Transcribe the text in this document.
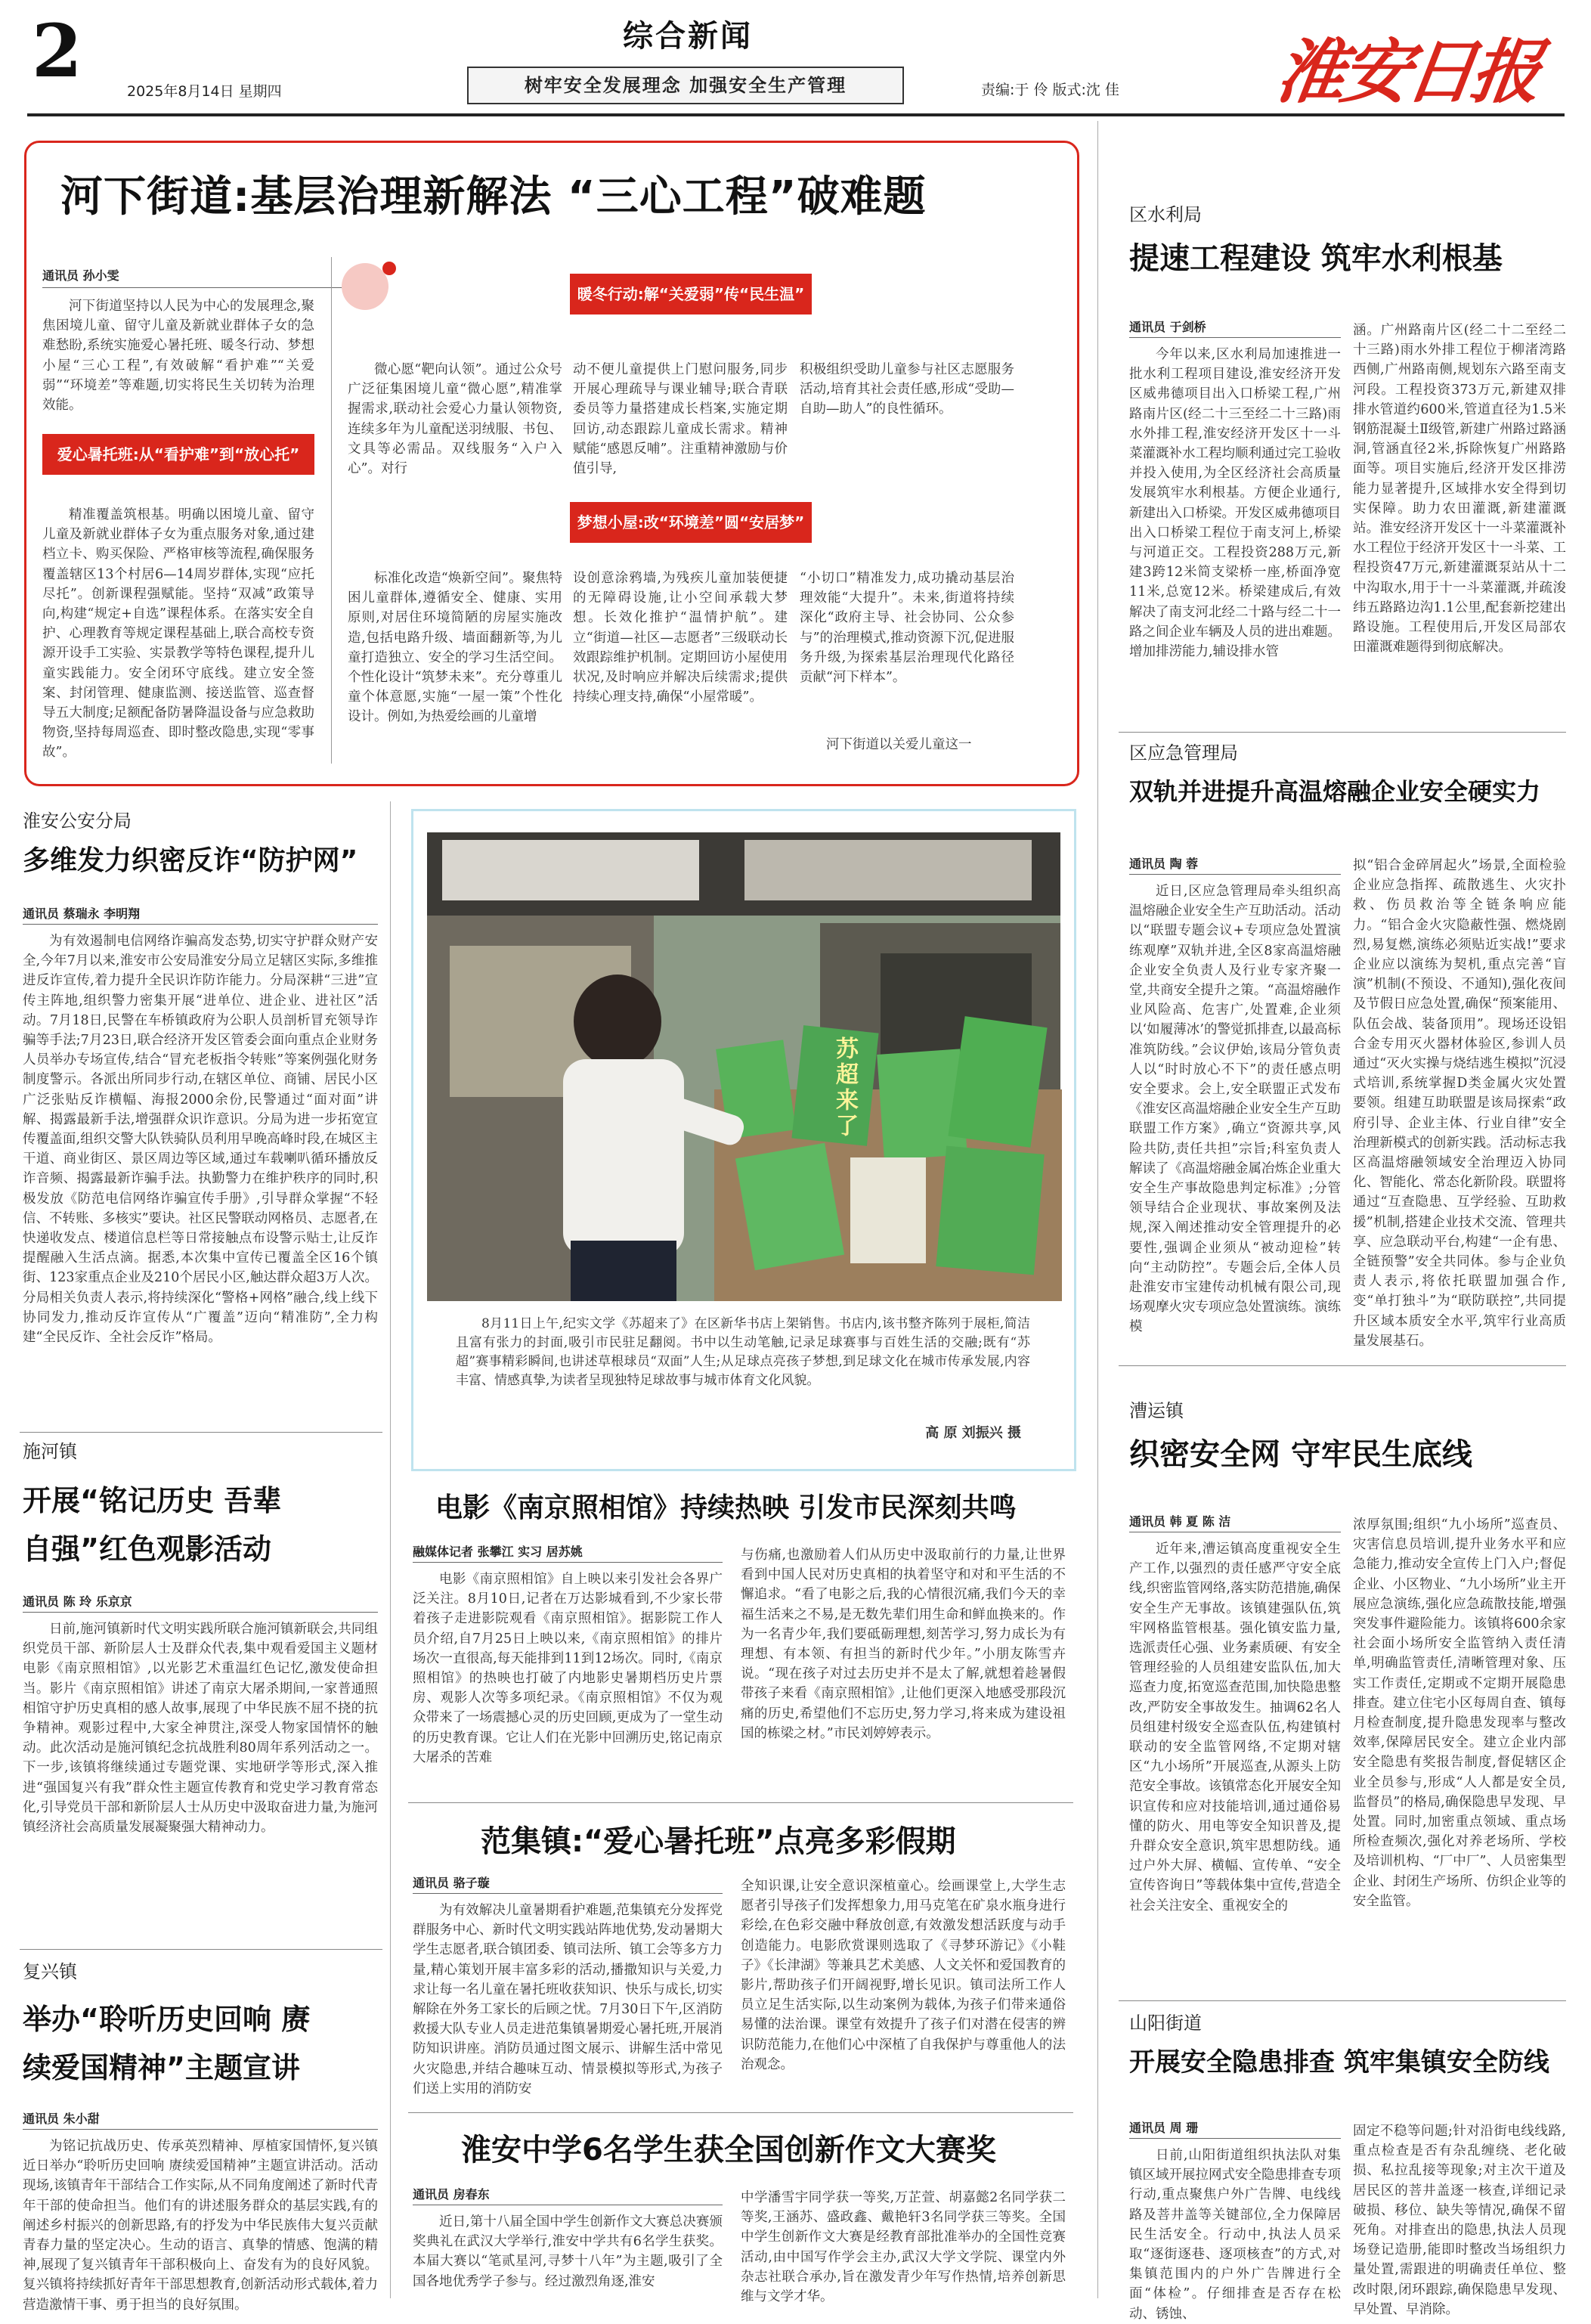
2	综合新闻
2025年8月14日 星期四	树牢安全发展理念 加强安全生产管理	责编:于 伶 版式:沈 佳 淮安日报
河下街道:基层治理新解法 “三心工程”破难题
通讯员 孙小雯
河下街道坚持以人民为中心的发展理念,聚焦困境儿童、留守儿童及新就业群体子女的急难愁盼,系统实施爱心暑托班、暖冬行动、梦想小屋“三心工程”,有效破解“看护难”“关爱弱”“环境差”等难题,切实将民生关切转为治理效能。
爱心暑托班:从“看护难”到“放心托”
精准覆盖筑根基。明确以困境儿童、留守儿童及新就业群体子女为重点服务对象,通过建档立卡、购买保险、严格审核等流程,确保服务覆盖辖区13个村居6—14周岁群体,实现“应托尽托”。创新课程强赋能。坚持“双减”政策导向,构建“规定+自选”课程体系。在落实安全自护、心理教育等规定课程基础上,联合高校专资源开设手工实验、实景教学等特色课程,提升儿童实践能力。安全闭环守底线。建立安全签案、封闭管理、健康监测、接送监管、巡查督导五大制度;足额配备防暑降温设备与应急救助物资,坚持每周巡查、即时整改隐患,实现“零事故”。
暖冬行动:解“关爱弱”传“民生温”
微心愿“靶向认领”。通过公众号广泛征集困境儿童“微心愿”,精准掌握需求,联动社会爱心力量认领物资,连续多年为儿童配送羽绒服、书包、文具等必需品。双线服务“入户入心”。对行
动不便儿童提供上门慰问服务,同步开展心理疏导与课业辅导;联合青联委员等力量搭建成长档案,实施定期回访,动态跟踪儿童成长需求。精神赋能“感恩反哺”。注重精神激励与价值引导,
积极组织受助儿童参与社区志愿服务活动,培育其社会责任感,形成“受助—自助—助人”的良性循环。
梦想小屋:改“环境差”圆“安居梦”
标准化改造“焕新空间”。聚焦特困儿童群体,遵循安全、健康、实用原则,对居住环境简陋的房屋实施改造,包括电路升级、墙面翻新等,为儿童打造独立、安全的学习生活空间。个性化设计“筑梦未来”。充分尊重儿童个体意愿,实施“一屋一策”个性化设计。例如,为热爱绘画的儿童增
设创意涂鸦墙,为残疾儿童加装便捷的无障碍设施,让小空间承载大梦想。长效化推护“温情护航”。建立“街道—社区—志愿者”三级联动长效跟踪维护机制。定期回访小屋使用状况,及时响应并解决后续需求;提供持续心理支持,确保“小屋常暖”。
“小切口”精准发力,成功撬动基层治理效能“大提升”。未来,街道将持续深化“政府主导、社会协同、公众参与”的治理模式,推动资源下沉,促进服务升级,为探索基层治理现代化路径贡献“河下样本”。
河下街道以关爱儿童这一
区水利局
提速工程建设 筑牢水利根基
通讯员 于剑桥
今年以来,区水利局加速推进一批水利工程项目建设,淮安经济开发区威弗德项目出入口桥梁工程,广州路南片区(经二十三至经二十三路)雨水外排工程,淮安经济开发区十一斗菜灌溉补水工程均顺利通过完工验收并投入使用,为全区经济社会高质量发展筑牢水利根基。方便企业通行,新建出入口桥梁。开发区威弗德项目出入口桥梁工程位于南支河上,桥梁与河道正交。工程投资288万元,新建3跨12米简支梁桥一座,桥面净宽11米,总宽12米。桥梁建成后,有效解决了南支河北经二十路与经二十一路之间企业车辆及人员的进出难题。增加排涝能力,辅设排水管
涵。广州路南片区(经二十二至经二十三路)雨水外排工程位于柳渚湾路西侧,广州路南侧,规划东六路至南支河段。工程投资373万元,新建双排排水管道约600米,管道直径为1.5米钢筋混凝土Ⅱ级管,新建广州路过路涵洞,管涵直径2米,拆除恢复广州路路面等。项目实施后,经济开发区排涝能力显著提升,区域排水安全得到切实保障。助力农田灌溉,新建灌溉站。淮安经济开发区十一斗菜灌溉补水工程位于经济开发区十一斗菜、工程投资47万元,新建灌溉泵站从十二中沟取水,用于十一斗菜灌溉,并疏浚纬五路路边沟1.1公里,配套新挖建出路设施。工程使用后,开发区局部农田灌溉难题得到彻底解决。
区应急管理局
双轨并进提升高温熔融企业安全硬实力
通讯员 陶 蓉
近日,区应急管理局牵头组织高温熔融企业安全生产互助活动。活动以“联盟专题会议+专项应急处置演练观摩”双轨并进,全区8家高温熔融企业安全负责人及行业专家齐聚一堂,共商安全提升之策。“高温熔融作业风险高、危害广,处置难,企业须以‘如履薄冰’的警觉抓排查,以最高标准筑防线。”会议伊始,该局分管负责人以“时时放心不下”的责任感点明安全要求。会上,安全联盟正式发布《淮安区高温熔融企业安全生产互助联盟工作方案》,确立“资源共享,风险共防,责任共担”宗旨;科室负责人解读了《高温熔融金属冶炼企业重大安全生产事故隐患判定标准》;分管领导结合企业现状、事故案例及法规,深入阐述推动安全管理提升的必要性,强调企业须从“被动迎检”转向“主动防控”。专题会后,全体人员赴淮安市宝建传动机械有限公司,现场观摩火灾专项应急处置演练。演练模
拟“铝合金碎屑起火”场景,全面检验企业应急指挥、疏散逃生、火灾扑救、伤员救治等全链条响应能力。“铝合金火灾隐蔽性强、燃烧剧烈,易复燃,演练必须贴近实战!”要求企业应以演练为契机,重点完善“盲演”机制(不预设、不通知),强化夜间及节假日应急处置,确保“预案能用、队伍会战、装备顶用”。现场还设铝合金专用灭火器材体验区,参训人员通过“灭火实操与烧结逃生模拟”沉浸式培训,系统掌握D类金属火灾处置要领。组建互助联盟是该局探索“政府引导、企业主体、行业自律”安全治理新模式的创新实践。活动标志我区高温熔融领域安全治理迈入协同化、智能化、常态化新阶段。联盟将通过“互查隐患、互学经验、互助救援”机制,搭建企业技术交流、管理共享、应急联动平台,构建“一企有患、全链预警”安全共同体。参与企业负责人表示,将依托联盟加强合作,变“单打独斗”为“联防联控”,共同提升区域本质安全水平,筑牢行业高质量发展基石。
漕运镇
织密安全网 守牢民生底线
通讯员 韩 夏 陈 洁
近年来,漕运镇高度重视安全生产工作,以强烈的责任感严守安全底线,织密监管网络,落实防范措施,确保安全生产无事故。该镇建强队伍,筑牢网格监管根基。强化镇安监力量,选派责任心强、业务素质硬、有安全管理经验的人员组建安监队伍,加大巡查力度,拓宽巡查范围,加快隐患整改,严防安全事故发生。抽调62名人员组建村级安全巡查队伍,构建镇村联动的安全监管网络,不定期对辖区“九小场所”开展巡查,从源头上防范安全事故。该镇常态化开展安全知识宣传和应对技能培训,通过通俗易懂的防火、用电等安全知识普及,提升群众安全意识,筑牢思想防线。通过户外大屏、横幅、宣传单、“安全宣传咨询日”等载体集中宣传,营造全社会关注安全、重视安全的
浓厚氛围;组织“九小场所”巡查员、灾害信息员培训,提升业务水平和应急能力,推动安全宣传上门入户;督促企业、小区物业、“九小场所”业主开展应急演练,强化应急疏散技能,增强突发事件避险能力。该镇将600余家社会面小场所安全监管纳入责任清单,明确监管责任,清晰管理对象、压实工作责任,定期或不定期开展隐患排查。建立住宅小区每周自查、镇每月检查制度,提升隐患发现率与整改效率,保障居民安全。建立企业内部安全隐患有奖报告制度,督促辖区企业全员参与,形成“人人都是安全员,监督员”的格局,确保隐患早发现、早处置。同时,加密重点领域、重点场所检查频次,强化对养老场所、学校及培训机构、“厂中厂”、人员密集型企业、封闭生产场所、仿织企业等的安全监管。
山阳街道
开展安全隐患排查 筑牢集镇安全防线
通讯员 周 珊
日前,山阳街道组织执法队对集镇区域开展拉网式安全隐患排查专项行动,重点聚焦户外广告牌、电线线路及菩井盖等关键部位,全力保障居民生活安全。行动中,执法人员采取“逐街逐巷、逐项核查”的方式,对集镇范围内的户外广告牌进行全面“体检”。仔细排查是否存在松动、锈蚀、
固定不稳等问题;针对沿街电线线路,重点检查是否有杂乱缠绕、老化破损、私拉乱接等现象;对主次干道及居民区的菩井盖逐一核查,详细记录破损、移位、缺失等情况,确保不留死角。对排查出的隐患,执法人员现场登记造册,能即时整改当场组织力量处置,需跟进的明确责任单位、整改时限,闭环跟踪,确保隐患早发现、早处置、早消除。
淮安公安分局
多维发力织密反诈“防护网”
通讯员 蔡瑞永 李明翔
为有效遏制电信网络诈骗高发态势,切实守护群众财产安全,今年7月以来,淮安市公安局淮安分局立足辖区实际,多维推进反诈宣传,着力提升全民识诈防诈能力。分局深耕“三进”宣传主阵地,组织警力密集开展“进单位、进企业、进社区”活动。7月18日,民警在车桥镇政府为公职人员剖析冒充领导诈骗等手法;7月23日,联合经济开发区管委会面向重点企业财务人员举办专场宣传,结合“冒充老板指令转账”等案例强化财务制度警示。各派出所同步行动,在辖区单位、商铺、居民小区广泛张贴反诈横幅、海报2000余份,民警通过“面对面”讲解、揭露最新手法,增强群众识诈意识。分局为进一步拓宽宣传覆盖面,组织交警大队铁骑队员利用早晚高峰时段,在城区主干道、商业街区、景区周边等区域,通过车载喇叭循环播放反诈音频、揭露最新诈骗手法。执勤警力在维护秩序的同时,积极发放《防范电信网络诈骗宣传手册》,引导群众掌握“不轻信、不转账、多核实”要诀。社区民警联动网格员、志愿者,在快递收发点、楼道信息栏等日常接触点布设警示贴士,让反诈提醒融入生活点滴。据悉,本次集中宣传已覆盖全区16个镇街、123家重点企业及210个居民小区,触达群众超3万人次。分局相关负责人表示,将持续深化“警格+网格”融合,线上线下协同发力,推动反诈宣传从“广覆盖”迈向“精准防”,全力构建“全民反诈、全社会反诈”格局。
施河镇
开展“铭记历史 吾辈
自强”红色观影活动
通讯员 陈 玲 乐京京
日前,施河镇新时代文明实践所联合施河镇新联会,共同组织党员干部、新阶层人士及群众代表,集中观看爱国主义题材电影《南京照相馆》,以光影艺术重温红色记忆,激发使命担当。影片《南京照相馆》讲述了南京大屠杀期间,一家普通照相馆守护历史真相的感人故事,展现了中华民族不屈不挠的抗争精神。观影过程中,大家全神贯注,深受人物家国情怀的触动。此次活动是施河镇纪念抗战胜利80周年系列活动之一。下一步,该镇将继续通过专题党课、实地研学等形式,深入推进“强国复兴有我”群众性主题宣传教育和党史学习教育常态化,引导党员干部和新阶层人士从历史中汲取奋进力量,为施河镇经济社会高质量发展凝聚强大精神动力。
复兴镇
举办“聆听历史回响 赓
续爱国精神”主题宣讲
通讯员 朱小甜
为铭记抗战历史、传承英烈精神、厚植家国情怀,复兴镇近日举办“聆听历史回响 赓续爱国精神”主题宣讲活动。活动现场,该镇青年干部结合工作实际,从不同角度阐述了新时代青年干部的使命担当。他们有的讲述服务群众的基层实践,有的阐述乡村振兴的创新思路,有的抒发为中华民族伟大复兴贡献青春力量的坚定决心。生动的语言、真挚的情感、饱满的精神,展现了复兴镇青年干部积极向上、奋发有为的良好风貌。复兴镇将持续抓好青年干部思想教育,创新活动形式载体,着力营造激情干事、勇于担当的良好氛围。
苏超来了
8月11日上午,纪实文学《苏超来了》在区新华书店上架销售。书店内,该书整齐陈列于展柜,简洁且富有张力的封面,吸引市民驻足翻阅。书中以生动笔触,记录足球赛事与百姓生活的交融;既有“苏超”赛事精彩瞬间,也讲述草根球员“双面”人生;从足球点亮孩子梦想,到足球文化在城市传承发展,内容丰富、情感真挚,为读者呈现独特足球故事与城市体育文化风貌。
高 原 刘振兴 摄
电影《南京照相馆》持续热映 引发市民深刻共鸣
融媒体记者 张攀江 实习 居苏姚
电影《南京照相馆》自上映以来引发社会各界广泛关注。8月10日,记者在万达影城看到,不少家长带着孩子走进影院观看《南京照相馆》。据影院工作人员介绍,自7月25日上映以来,《南京照相馆》的排片场次一直很高,每天能排到11到12场次。同时,《南京照相馆》的热映也打破了内地影史暑期档历史片票房、观影人次等多项纪录。《南京照相馆》不仅为观众带来了一场震撼心灵的历史回顾,更成为了一堂生动的历史教育课。它让人们在光影中回溯历史,铭记南京大屠杀的苦难
与伤痛,也激励着人们从历史中汲取前行的力量,让世界看到中国人民对历史真相的执着坚守和对和平生活的不懈追求。“看了电影之后,我的心情很沉痛,我们今天的幸福生活来之不易,是无数先辈们用生命和鲜血换来的。作为一名青少年,我们要砥砺理想,刻苦学习,努力成长为有理想、有本领、有担当的新时代少年。”小朋友陈雪卉说。“现在孩子对过去历史并不是太了解,就想着趁暑假带孩子来看《南京照相馆》,让他们更深入地感受那段沉痛的历史,希望他们不忘历史,努力学习,将来成为建设祖国的栋梁之材。”市民刘婷婷表示。
范集镇:“爱心暑托班”点亮多彩假期
通讯员 骆子璇
为有效解决儿童暑期看护难题,范集镇充分发挥党群服务中心、新时代文明实践站阵地优势,发动暑期大学生志愿者,联合镇团委、镇司法所、镇工会等多方力量,精心策划开展丰富多彩的活动,播撒知识与关爱,力求让每一名儿童在暑托班收获知识、快乐与成长,切实解除在外务工家长的后顾之忧。7月30日下午,区消防救援大队专业人员走进范集镇暑期爱心暑托班,开展消防知识讲座。消防员通过图文展示、讲解生活中常见火灾隐患,并结合趣味互动、情景模拟等形式,为孩子们送上实用的消防安
全知识课,让安全意识深植童心。绘画课堂上,大学生志愿者引导孩子们发挥想象力,用马克笔在矿泉水瓶身进行彩绘,在色彩交融中释放创意,有效激发想活跃度与动手创造能力。电影欣赏课则选取了《寻梦环游记》《小鞋子》《长津湖》等兼具艺术美感、人文关怀和爱国教育的影片,帮助孩子们开阔视野,增长见识。镇司法所工作人员立足生活实际,以生动案例为载体,为孩子们带来通俗易懂的法治课。课堂有效提升了孩子们对潜在侵害的辨识防范能力,在他们心中深植了自我保护与尊重他人的法治观念。
淮安中学6名学生获全国创新作文大赛奖
通讯员 房春东
近日,第十八届全国中学生创新作文大赛总决赛颁奖典礼在武汉大学举行,淮安中学共有6名学生获奖。本届大赛以“笔贰星河,寻梦十八年”为主题,吸引了全国各地优秀学子参与。经过激烈角逐,淮安
中学潘雪宇同学获一等奖,万芷萱、胡嘉懿2名同学获二等奖,王涵苏、盛政鑫、戴艳轩3名同学获三等奖。全国中学生创新作文大赛是经教育部批准举办的全国性竞赛活动,由中国写作学会主办,武汉大学文学院、课堂内外杂志社联合承办,旨在激发青少年写作热情,培养创新思维与文学才华。
